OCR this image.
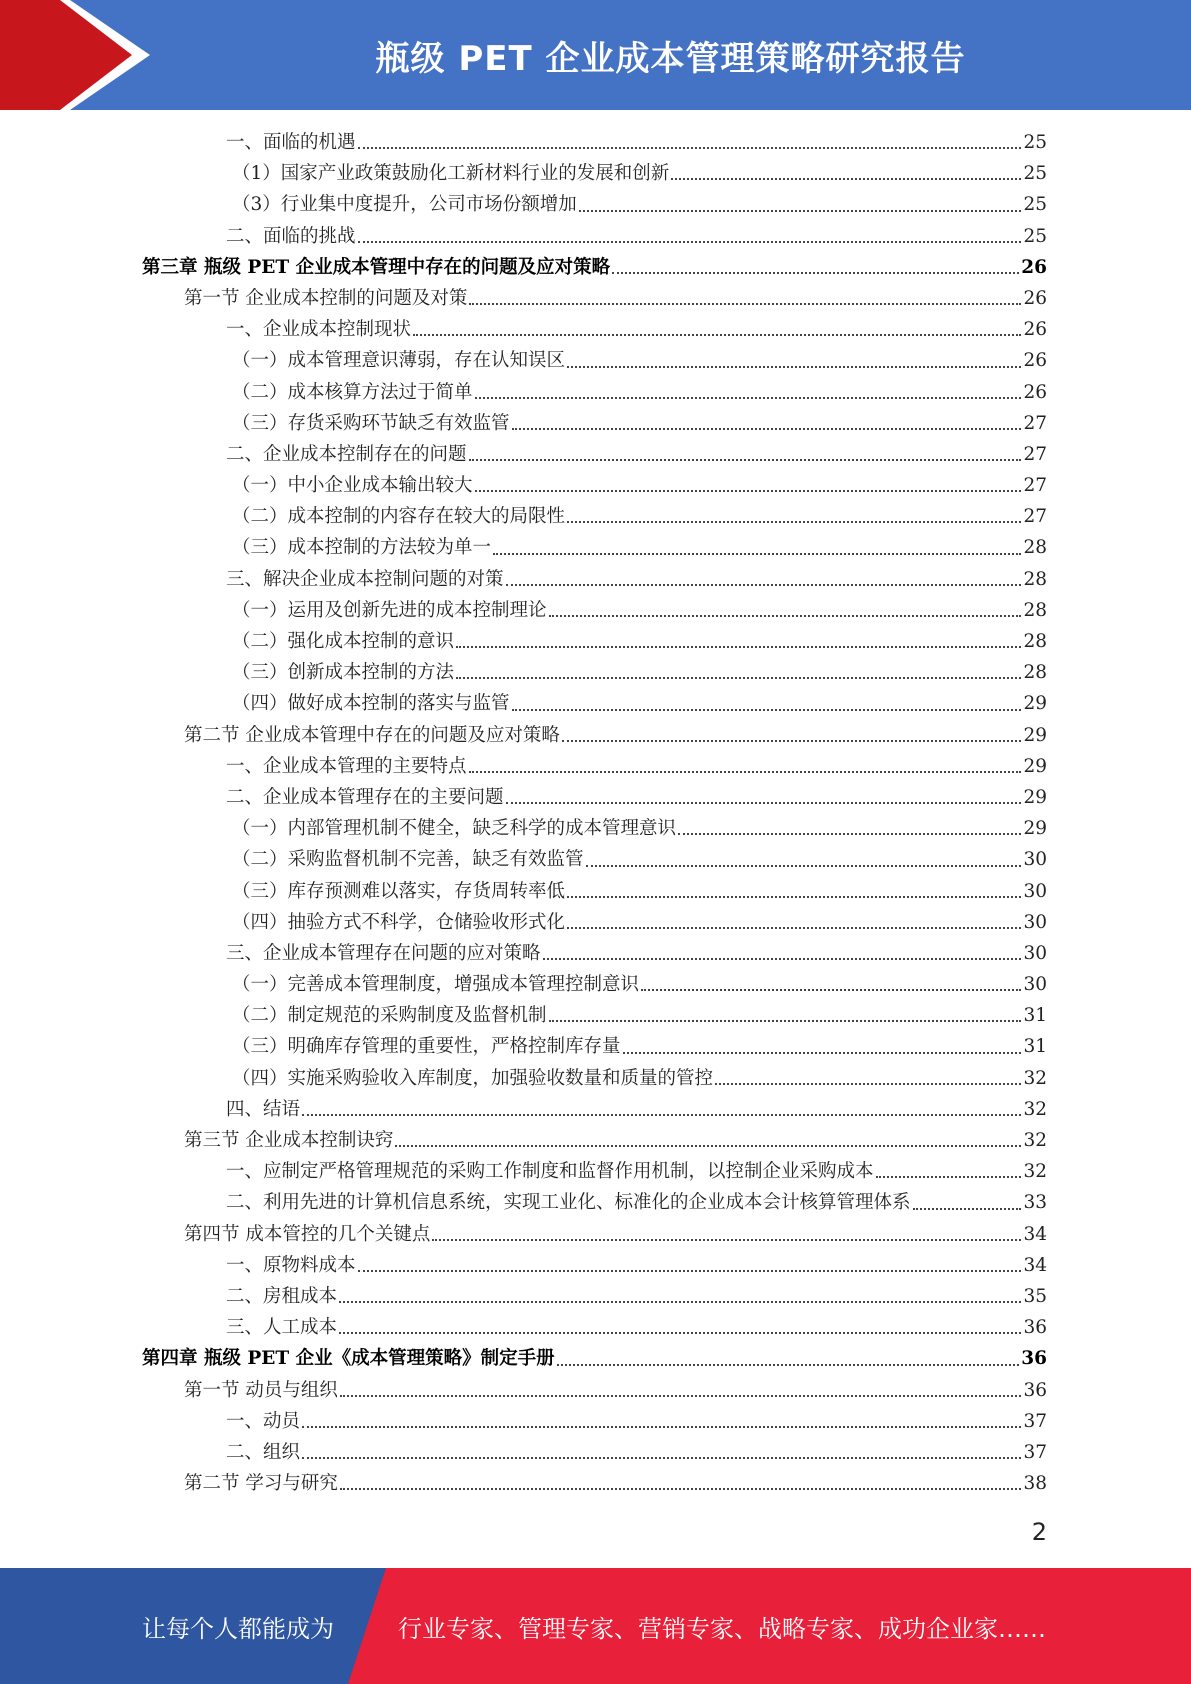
瓶级 PET 企业成本管理策略研究报告
一、面临的机遇	25
（1）国家产业政策鼓励化工新材料行业的发展和创新	25
（3）行业集中度提升，公司市场份额增加	25
二、面临的挑战	25
第三章 瓶级 PET 企业成本管理中存在的问题及应对策略	26
第一节 企业成本控制的问题及对策	26
一、企业成本控制现状	26
（一）成本管理意识薄弱，存在认知误区	26
（二）成本核算方法过于简单	26
（三）存货采购环节缺乏有效监管	27
二、企业成本控制存在的问题	27
（一）中小企业成本输出较大	27
（二）成本控制的内容存在较大的局限性	27
（三）成本控制的方法较为单一	28
三、解决企业成本控制问题的对策	28
（一）运用及创新先进的成本控制理论	28
（二）强化成本控制的意识	28
（三）创新成本控制的方法	28
（四）做好成本控制的落实与监管	29
第二节 企业成本管理中存在的问题及应对策略	29
一、企业成本管理的主要特点	29
二、企业成本管理存在的主要问题	29
（一）内部管理机制不健全，缺乏科学的成本管理意识	29
（二）采购监督机制不完善，缺乏有效监管	30
（三）库存预测难以落实，存货周转率低	30
（四）抽验方式不科学，仓储验收形式化	30
三、企业成本管理存在问题的应对策略	30
（一）完善成本管理制度，增强成本管理控制意识	30
（二）制定规范的采购制度及监督机制	31
（三）明确库存管理的重要性，严格控制库存量	31
（四）实施采购验收入库制度，加强验收数量和质量的管控	32
四、结语	32
第三节 企业成本控制诀窍	32
一、应制定严格管理规范的采购工作制度和监督作用机制，以控制企业采购成本	32
二、利用先进的计算机信息系统，实现工业化、标准化的企业成本会计核算管理体系	33
第四节 成本管控的几个关键点	34
一、原物料成本	34
二、房租成本	35
三、人工成本	36
第四章 瓶级 PET 企业《成本管理策略》制定手册	36
第一节 动员与组织	36
一、动员	37
二、组织	37
第二节 学习与研究	38
2
让每个人都能成为	行业专家、管理专家、营销专家、战略专家、成功企业家……
